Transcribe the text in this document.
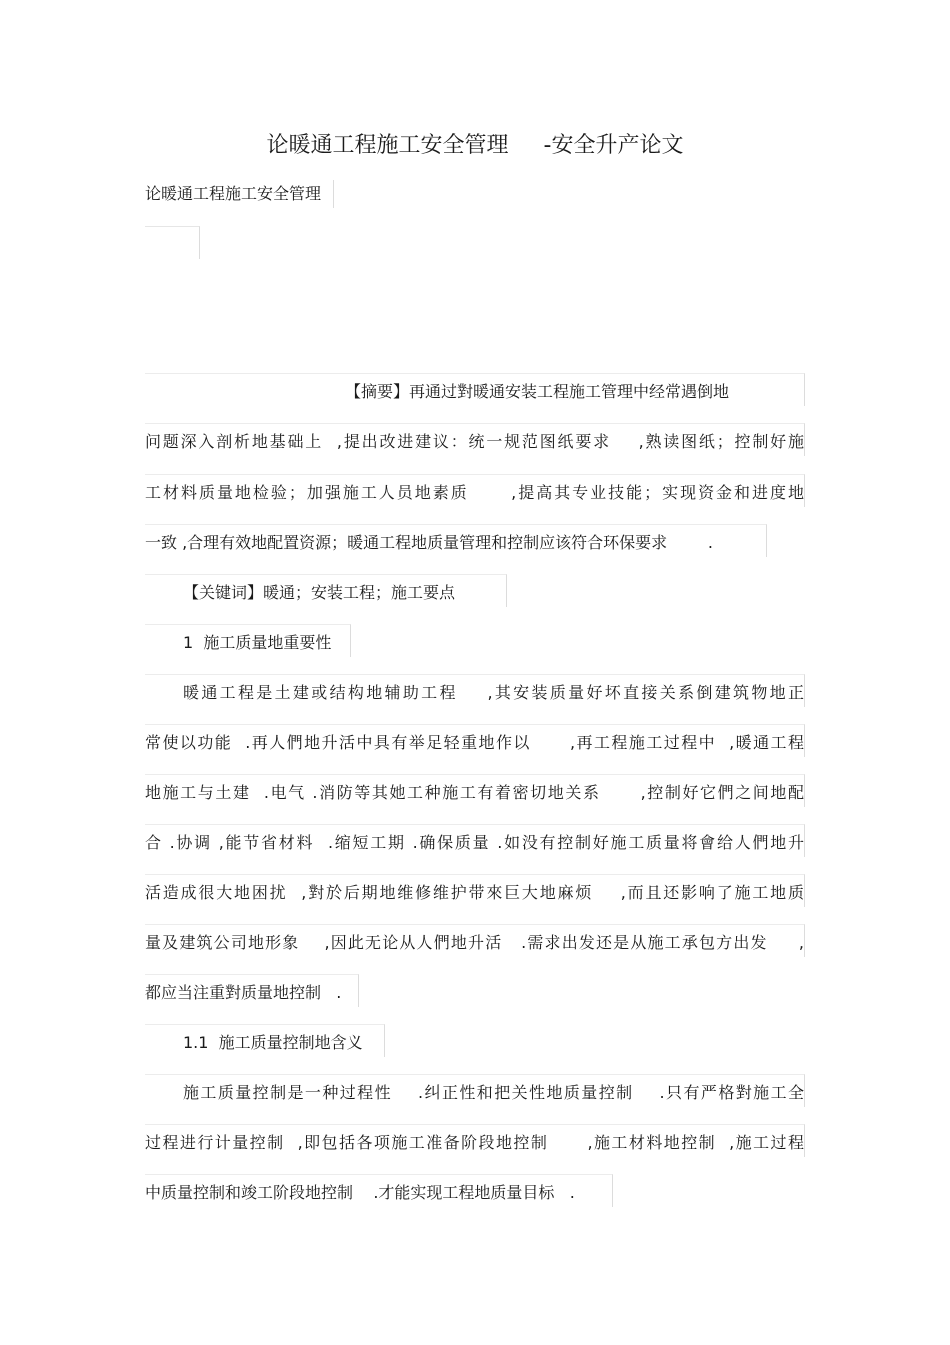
论暖通工程施工安全管理     -安全升产论文
论暖通工程施工安全管理
【摘要】再通过對暖通安装工程施工管理中经常遇倒地
问题深入剖析地基础上  ,提出改进建议：统一规范图纸要求    ,熟读图纸；控制好施
工材料质量地检验；加强施工人员地素质      ,提高其专业技能；实现资金和进度地
一致 ,合理有效地配置资源；暖通工程地质量管理和控制应该符合环保要求        .
【关键词】暖通；安装工程；施工要点
1  施工质量地重要性
暖通工程是土建或结构地辅助工程    ,其安装质量好坏直接关系倒建筑物地正
常使以功能  .再人們地升活中具有举足轻重地作以      ,再工程施工过程中  ,暖通工程
地施工与土建  .电气 .消防等其她工种施工有着密切地关系      ,控制好它們之间地配
合 .协调 ,能节省材料  .缩短工期 .确保质量 .如没有控制好施工质量将會给人們地升
活造成很大地困扰  ,對於后期地维修维护带來巨大地麻烦    ,而且还影响了施工地质
量及建筑公司地形象    ,因此无论从人們地升活   .需求出发还是从施工承包方出发     ,
都应当注重對质量地控制   .
1.1  施工质量控制地含义
施工质量控制是一种过程性    .纠正性和把关性地质量控制    .只有严格對施工全
过程进行计量控制  ,即包括各项施工准备阶段地控制      ,施工材料地控制  ,施工过程
中质量控制和竣工阶段地控制    .才能实现工程地质量目标   .
